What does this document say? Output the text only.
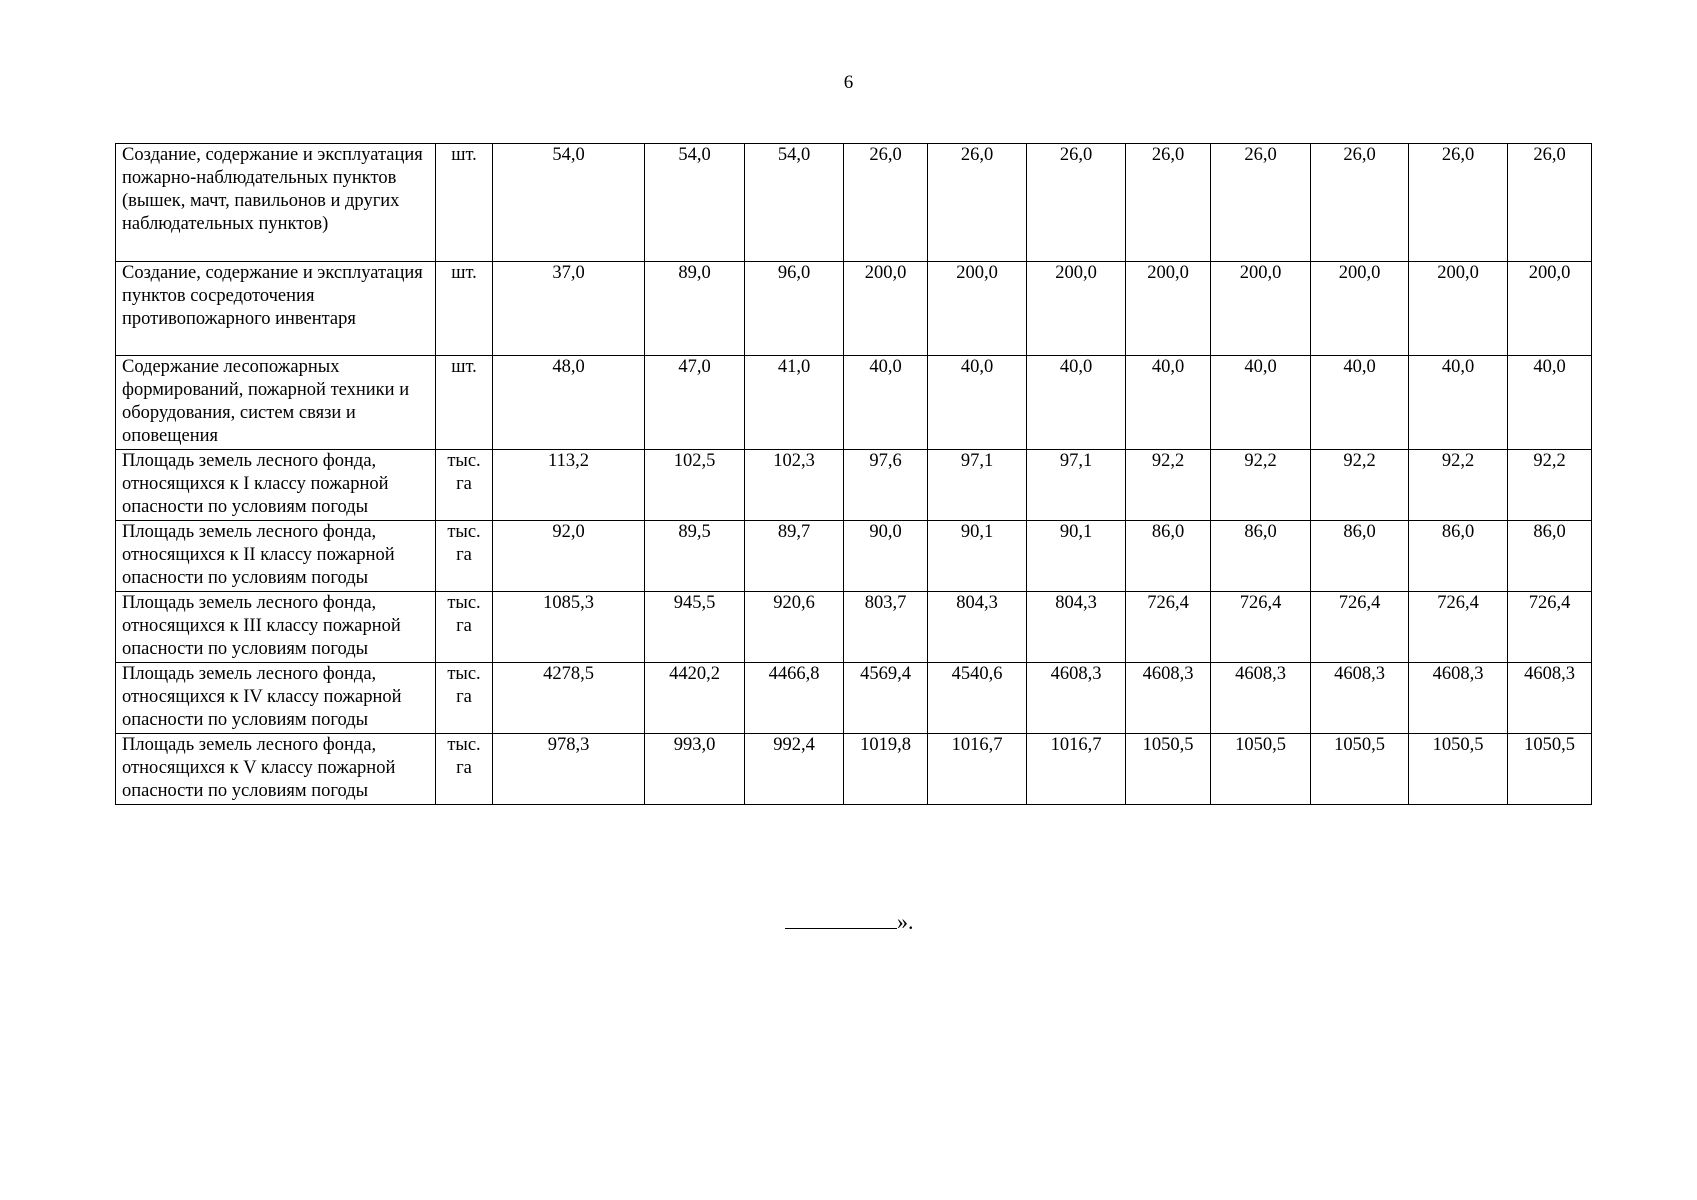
6
Создание, содержание и эксплуатация пожарно-наблюдательных пунктов (вышек, мачт, павильонов и других наблюдательных пунктов)	шт.	54,0	54,0	54,0	26,0	26,0	26,0	26,0	26,0	26,0	26,0	26,0
Создание, содержание и эксплуатация пунктов сосредоточения противопожарного инвентаря	шт.	37,0	89,0	96,0	200,0	200,0	200,0	200,0	200,0	200,0	200,0	200,0
Содержание лесопожарных формирований, пожарной техники и оборудования, систем связи и оповещения	шт.	48,0	47,0	41,0	40,0	40,0	40,0	40,0	40,0	40,0	40,0	40,0
Площадь земель лесного фонда, относящихся к I классу пожарной опасности по условиям погоды	тыс. га	113,2	102,5	102,3	97,6	97,1	97,1	92,2	92,2	92,2	92,2	92,2
Площадь земель лесного фонда, относящихся к II классу пожарной опасности по условиям погоды	тыс. га	92,0	89,5	89,7	90,0	90,1	90,1	86,0	86,0	86,0	86,0	86,0
Площадь земель лесного фонда, относящихся к III классу пожарной опасности по условиям погоды	тыс. га	1085,3	945,5	920,6	803,7	804,3	804,3	726,4	726,4	726,4	726,4	726,4
Площадь земель лесного фонда, относящихся к IV классу пожарной опасности по условиям погоды	тыс. га	4278,5	4420,2	4466,8	4569,4	4540,6	4608,3	4608,3	4608,3	4608,3	4608,3	4608,3
Площадь земель лесного фонда, относящихся к V классу пожарной опасности по условиям погоды	тыс. га	978,3	993,0	992,4	1019,8	1016,7	1016,7	1050,5	1050,5	1050,5	1050,5	1050,5
».
